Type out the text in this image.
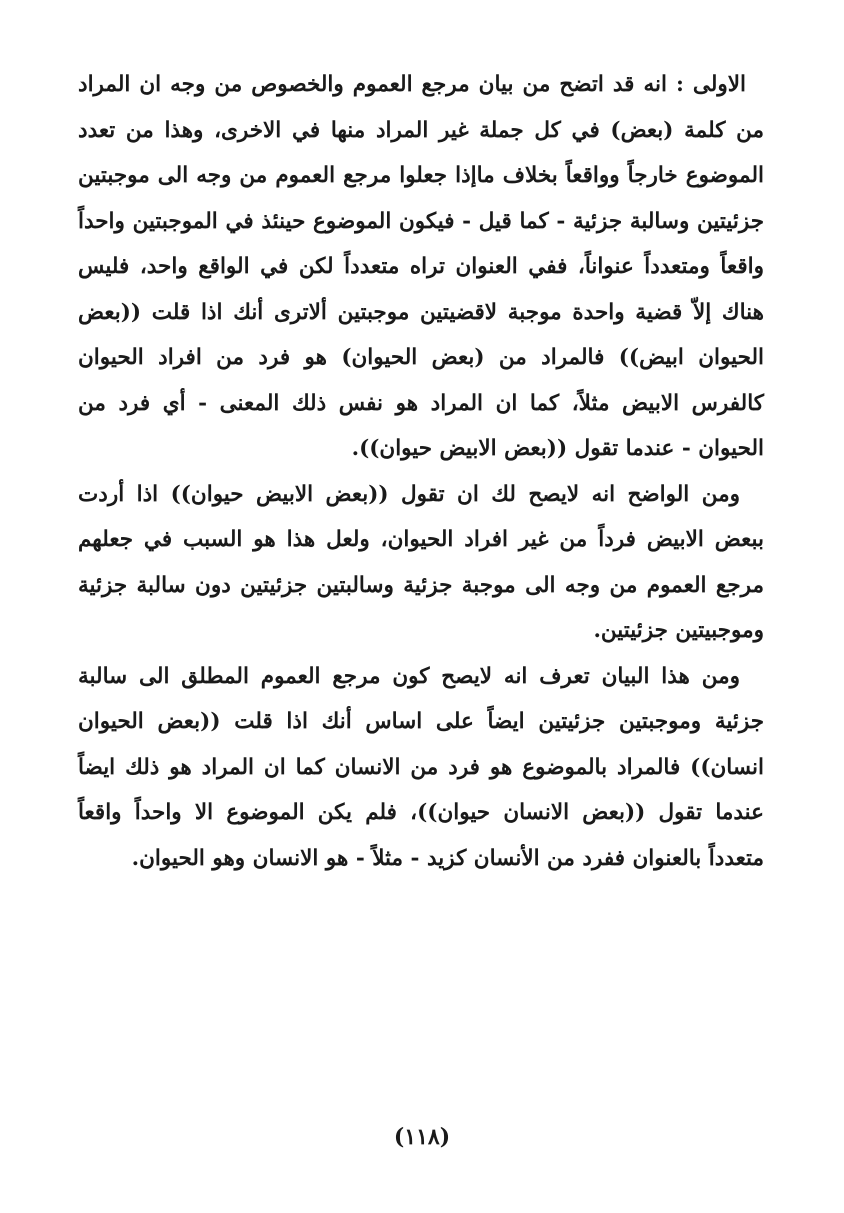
الاولى : انه قد اتضح من بيان مرجع العموم والخصوص من وجه ان المراد من كلمة (بعض) في كل جملة غير المراد منها في الاخرى، وهذا من تعدد الموضوع خارجاً وواقعاً بخلاف ماإذا جعلوا مرجع العموم من وجه الى موجبتين جزئيتين وسالبة جزئية - كما قيل - فيكون الموضوع حينئذ في الموجبتين واحداً واقعاً ومتعدداً عنواناً، ففي العنوان تراه متعدداً لكن في الواقع واحد، فليس هناك إلاّ قضية واحدة موجبة لاقضيتين موجبتين ألاترى أنك اذا قلت ((بعض الحيوان ابيض)) فالمراد من (بعض الحيوان) هو فرد من افراد الحيوان كالفرس الابيض مثلاً، كما ان المراد هو نفس ذلك المعنى - أي فرد من الحيوان - عندما تقول ((بعض الابيض حيوان)).

ومن الواضح انه لايصح لك ان تقول ((بعض الابيض حيوان)) اذا أردت ببعض الابيض فرداً من غير افراد الحيوان، ولعل هذا هو السبب في جعلهم مرجع العموم من وجه الى موجبة جزئية وسالبتين جزئيتين دون سالبة جزئية وموجبيتين جزئيتين.

ومن هذا البيان تعرف انه لايصح كون مرجع العموم المطلق الى سالبة جزئية وموجبتين جزئيتين ايضاً على اساس أنك اذا قلت ((بعض الحيوان انسان)) فالمراد بالموضوع هو فرد من الانسان كما ان المراد هو ذلك ايضاً عندما تقول ((بعض الانسان حيوان))، فلم يكن الموضوع الا واحداً واقعاً متعدداً بالعنوان ففرد من الأنسان كزيد - مثلاً - هو الانسان وهو الحيوان.

(١١٨)
